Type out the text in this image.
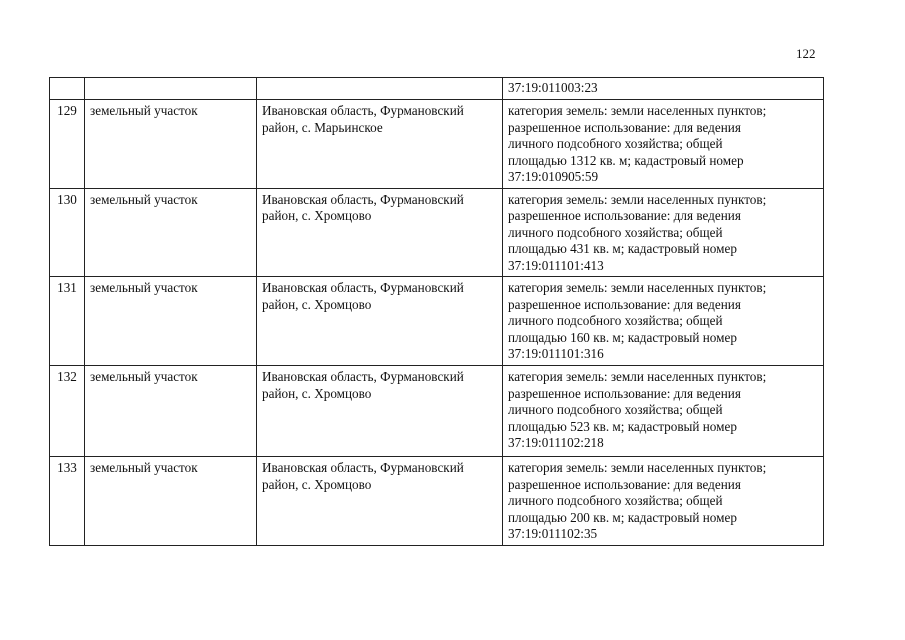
122

			37:19:011003:23

129	земельный участок	Ивановская область, Фурмановский
район, с. Марьинское	категория земель: земли населенных пунктов;
разрешенное использование: для ведения
личного подсобного хозяйства; общей
площадью 1312 кв. м; кадастровый номер
37:19:010905:59

130	земельный участок	Ивановская область, Фурмановский
район, с. Хромцово	категория земель: земли населенных пунктов;
разрешенное использование: для ведения
личного подсобного хозяйства; общей
площадью 431 кв. м; кадастровый номер
37:19:011101:413

131	земельный участок	Ивановская область, Фурмановский
район, с. Хромцово	категория земель: земли населенных пунктов;
разрешенное использование: для ведения
личного подсобного хозяйства; общей
площадью 160 кв. м; кадастровый номер
37:19:011101:316

132	земельный участок	Ивановская область, Фурмановский
район, с. Хромцово	категория земель: земли населенных пунктов;
разрешенное использование: для ведения
личного подсобного хозяйства; общей
площадью 523 кв. м; кадастровый номер
37:19:011102:218

133	земельный участок	Ивановская область, Фурмановский
район, с. Хромцово	категория земель: земли населенных пунктов;
разрешенное использование: для ведения
личного подсобного хозяйства; общей
площадью 200 кв. м; кадастровый номер
37:19:011102:35
